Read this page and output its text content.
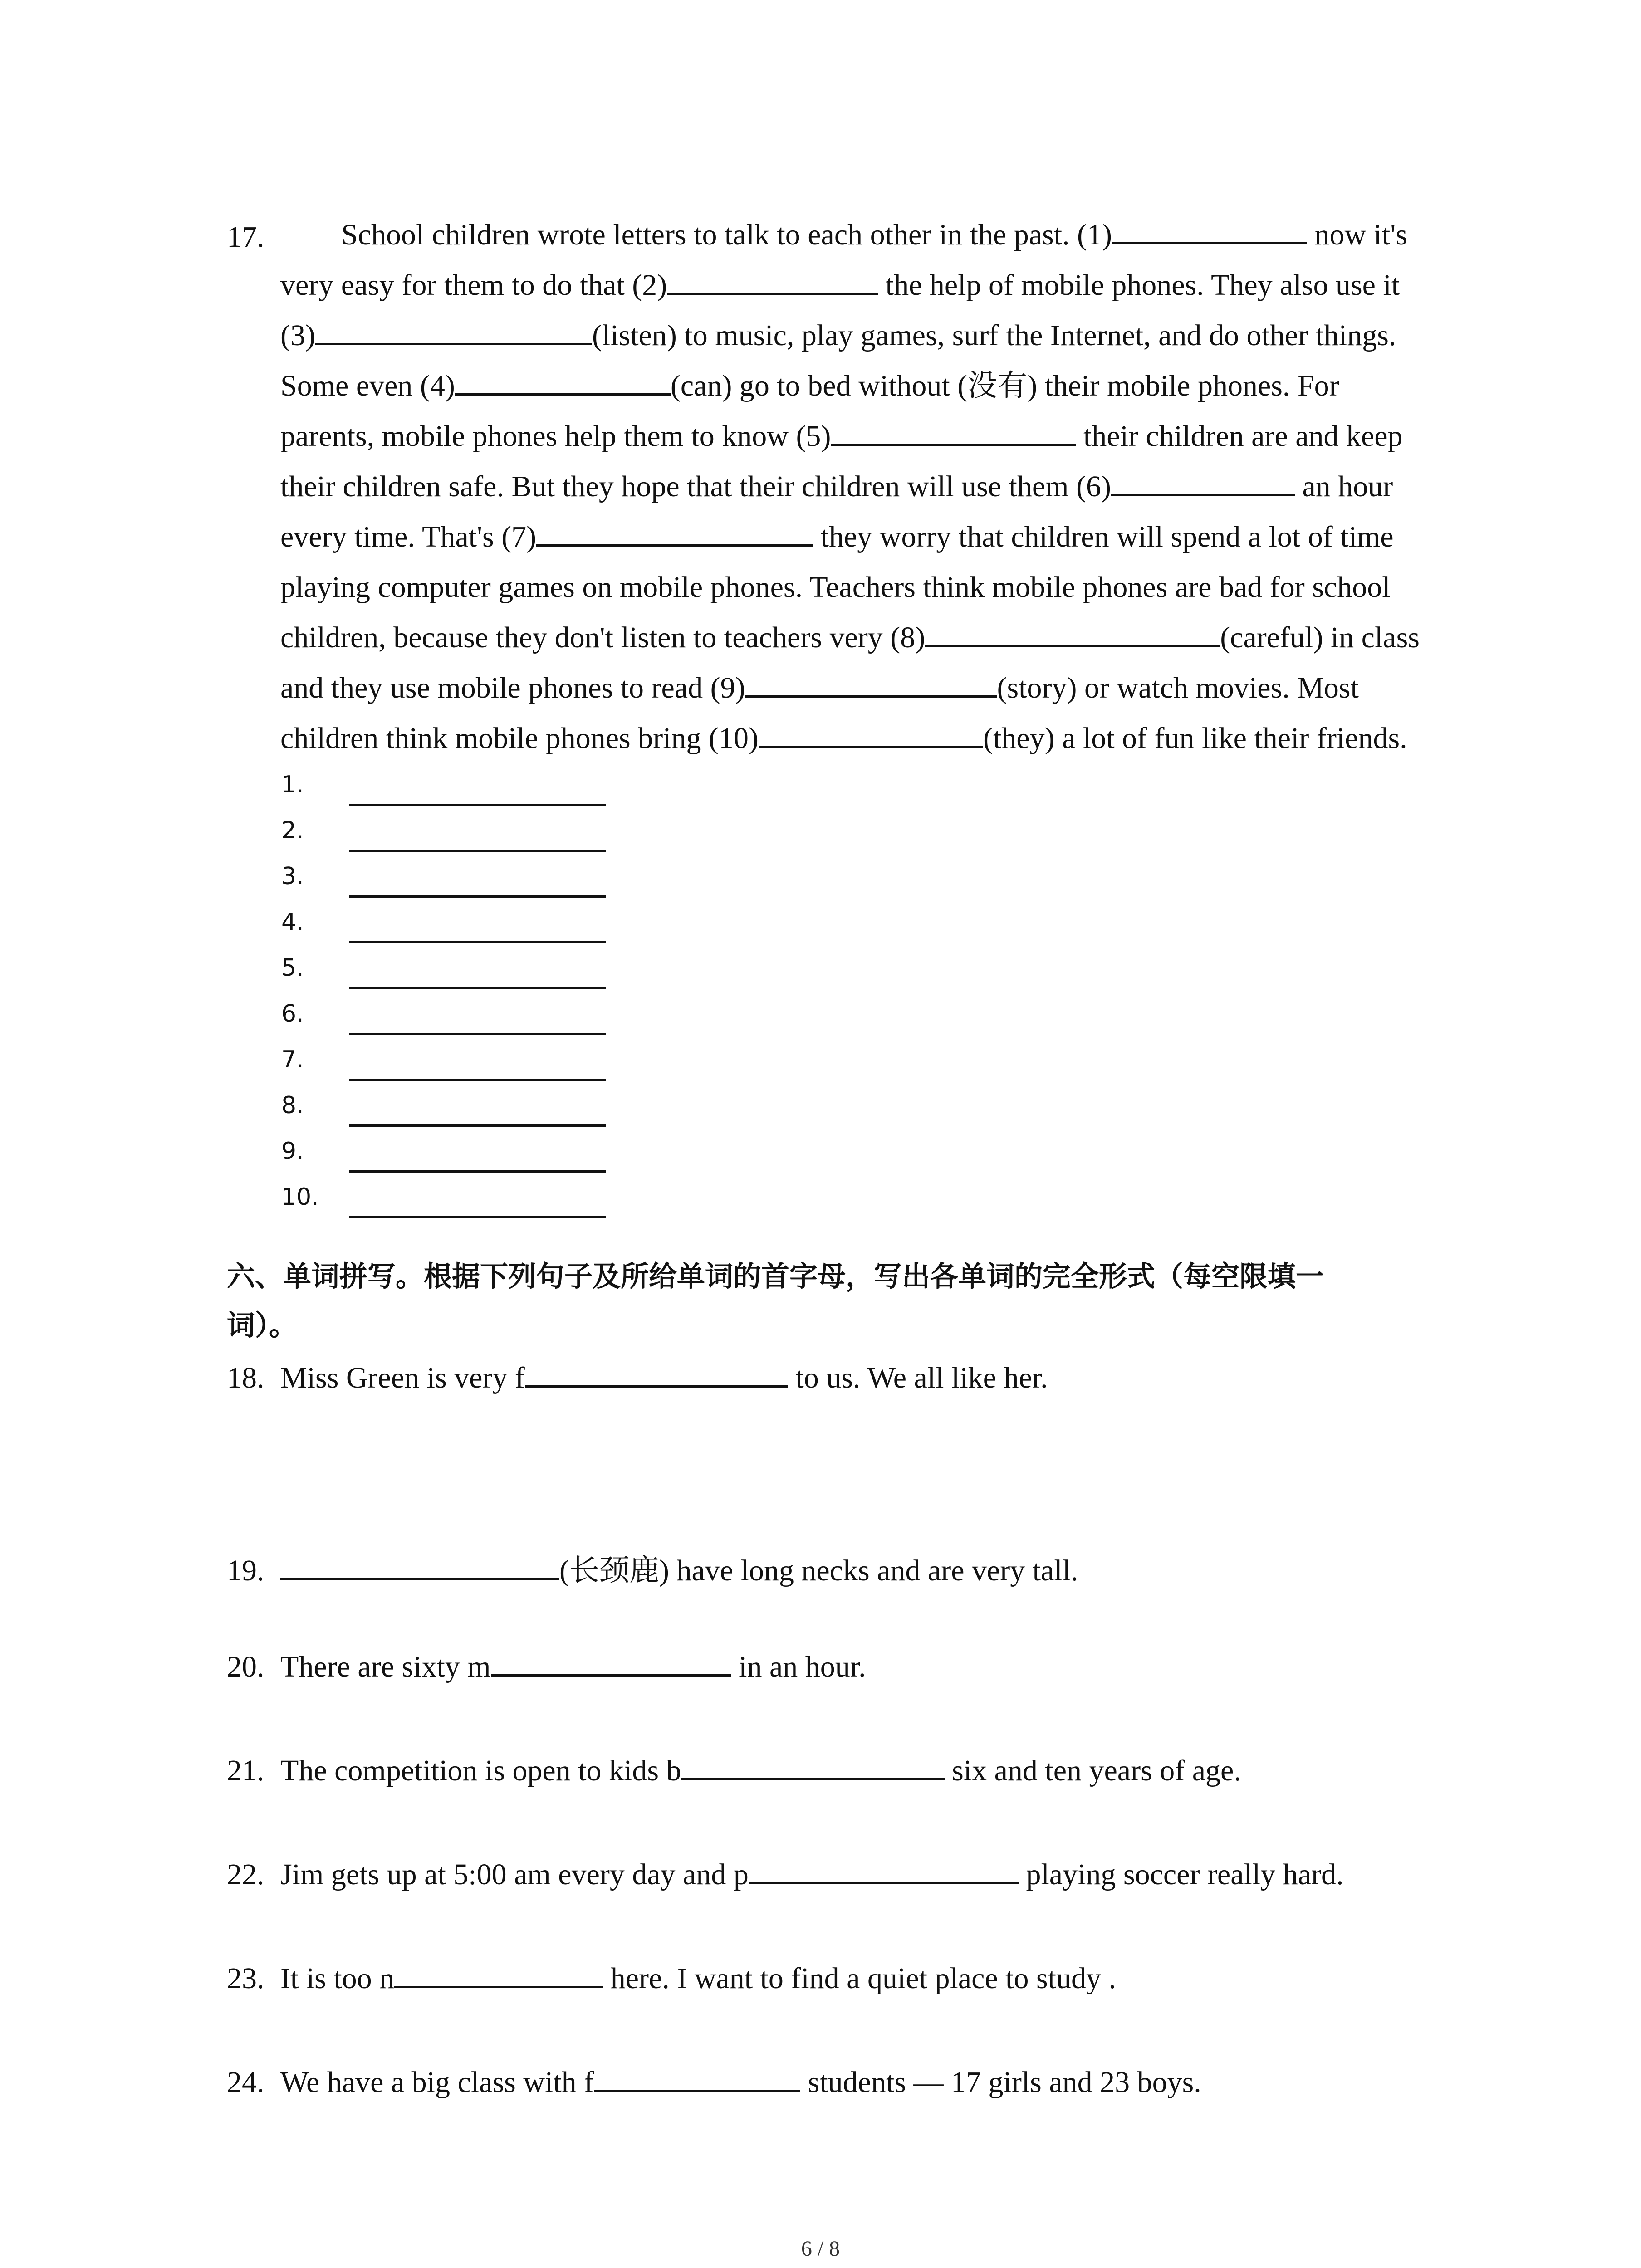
17.	School children wrote letters to talk to each other in the past. (1)	now it's
very easy for them to do that (2)	the help of mobile phones. They also use it
(3)	(listen) to music, play games, surf the Internet, and do other things.
Some even (4)	(can) go to bed without (没有) their mobile phones. For
parents, mobile phones help them to know (5)	their children are and keep
their children safe. But they hope that their children will use them (6)	an hour
every time. That's (7)	they worry that children will spend a lot of time
playing computer games on mobile phones. Teachers think mobile phones are bad for school
children, because they don't listen to teachers very (8)	(careful) in class
and they use mobile phones to read (9)	(story) or watch movies. Most
children think mobile phones bring (10)	(they) a lot of fun like their friends.
1.
2.
3.
4.
5.
6.
7.
8.
9.
10.
六、单词拼写。根据下列句子及所给单词的首字母，写出各单词的完全形式（每空限填一
词）。
18. Miss Green is very f	to us. We all like her.
19.	(长颈鹿) have long necks and are very tall.
20. There are sixty m	in an hour.
21. The competition is open to kids b	six and ten years of age.
22. Jim gets up at 5:00 am every day and p	playing soccer really hard.
23. It is too n	here. I want to find a quiet place to study .
24. We have a big class with f	students — 17 girls and 23 boys.
6 / 8
